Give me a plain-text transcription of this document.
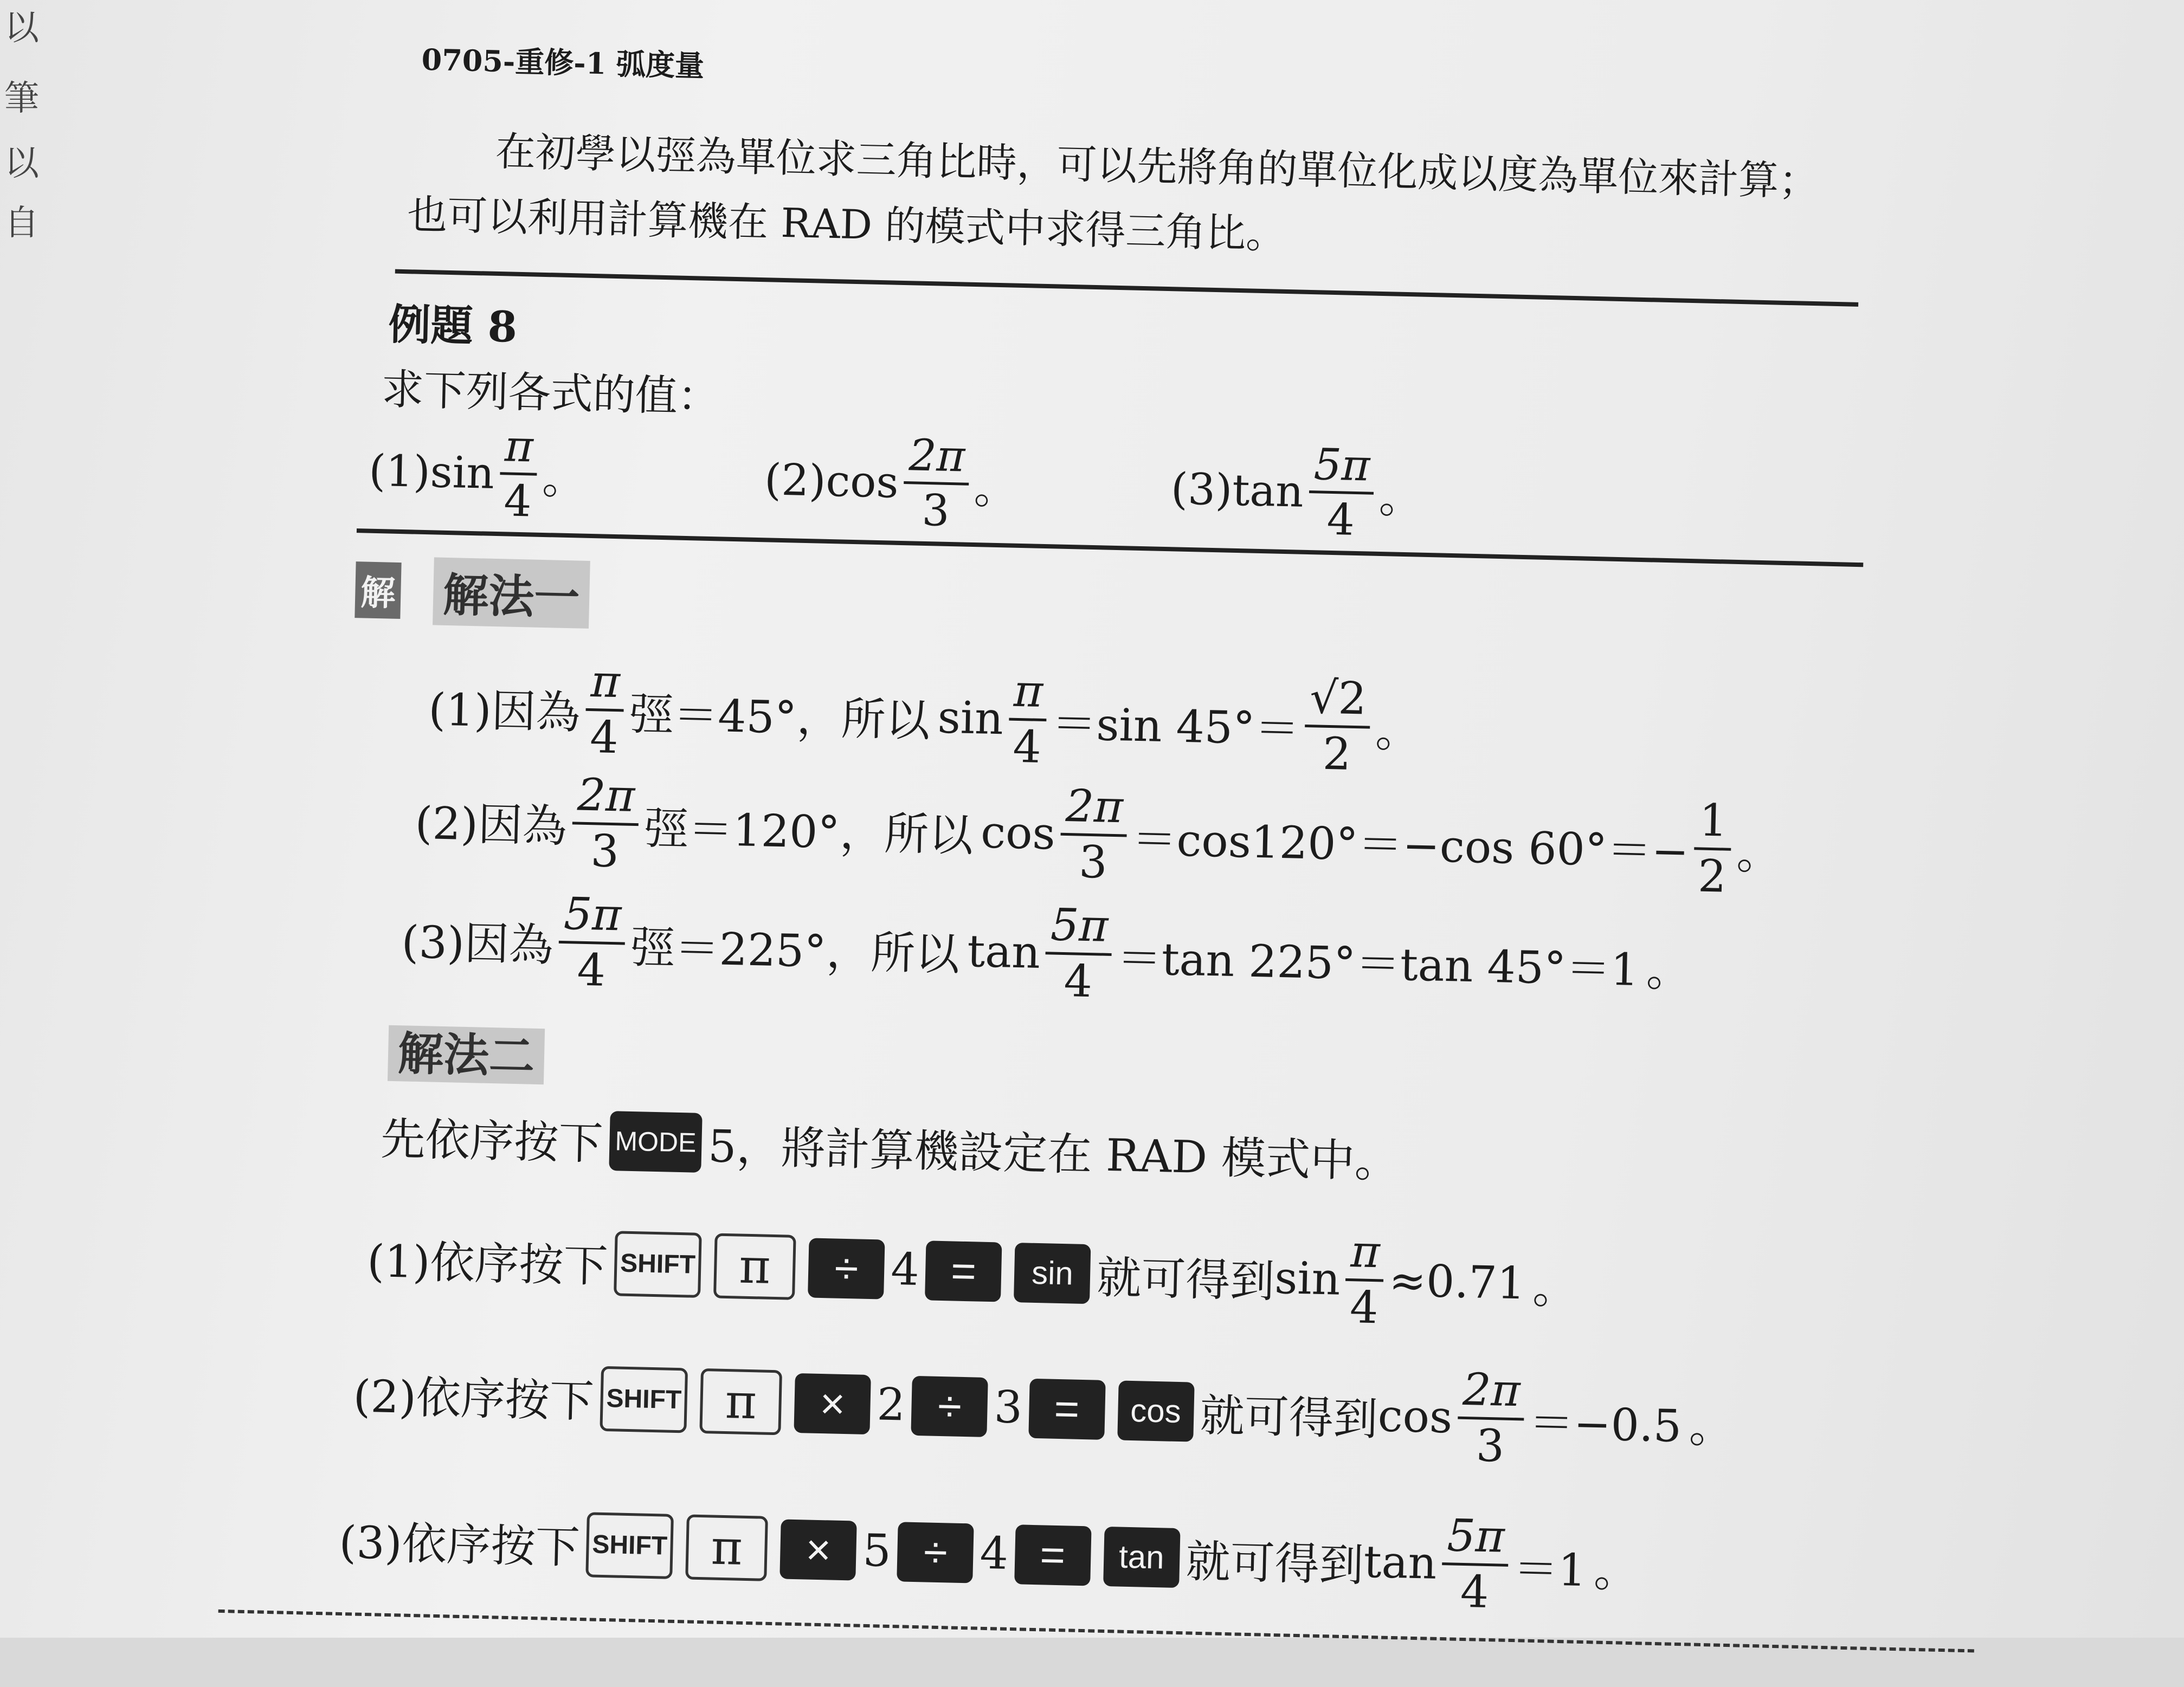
以
筆
以
自
0705-重修-1 弧度量
在初學以弳為單位求三角比時，可以先將角的單位化成以度為單位來計算；
也可以利用計算機在 RAD 的模式中求得三角比。
例題 8
求下列各式的值：
(1)
$\sin \frac{\pi}{4}$ 。	(2)
$\cos \frac{2\pi}{3}$ 。	(3)
$\tan \frac{5\pi}{4}$ 。
解 解法一
(1)因為 $\frac{\pi}{4}$ 弳＝45°，所以 $\sin \frac{\pi}{4} =\sin$ $45^\circ= \frac{√2}{2}$ 。
(2)因為 $\frac{2\pi}{3}$ 弳＝120°，所以 $\cos \frac{2\pi}{3} =\cos 120^\circ=-\cos$ $60^\circ=- \frac{1}{2}$ 。
(3)因為 $\frac{5\pi}{4}$ 弳＝225°，所以 $\tan \frac{5\pi}{4} =\tan$ 225°＝tan 45°＝1 。
解法二
先依序按下 MODE 5，將計算機設定在 RAD 模式中。
(1)依序按下 SHIFT π	÷ 4 =	sin 就可得到
$\sin \frac{\pi}{4} \approx 0.71$ 。
(2)依序按下 SHIFT π	× 2 ÷ 3 =	cos 就可得到
$\cos \frac{2\pi}{3} =-0.5$ 。
(3)依序按下 SHIFT π	× 5 ÷ 4 =	tan 就可得到
$\tan \frac{5\pi}{4} =1$ 。
